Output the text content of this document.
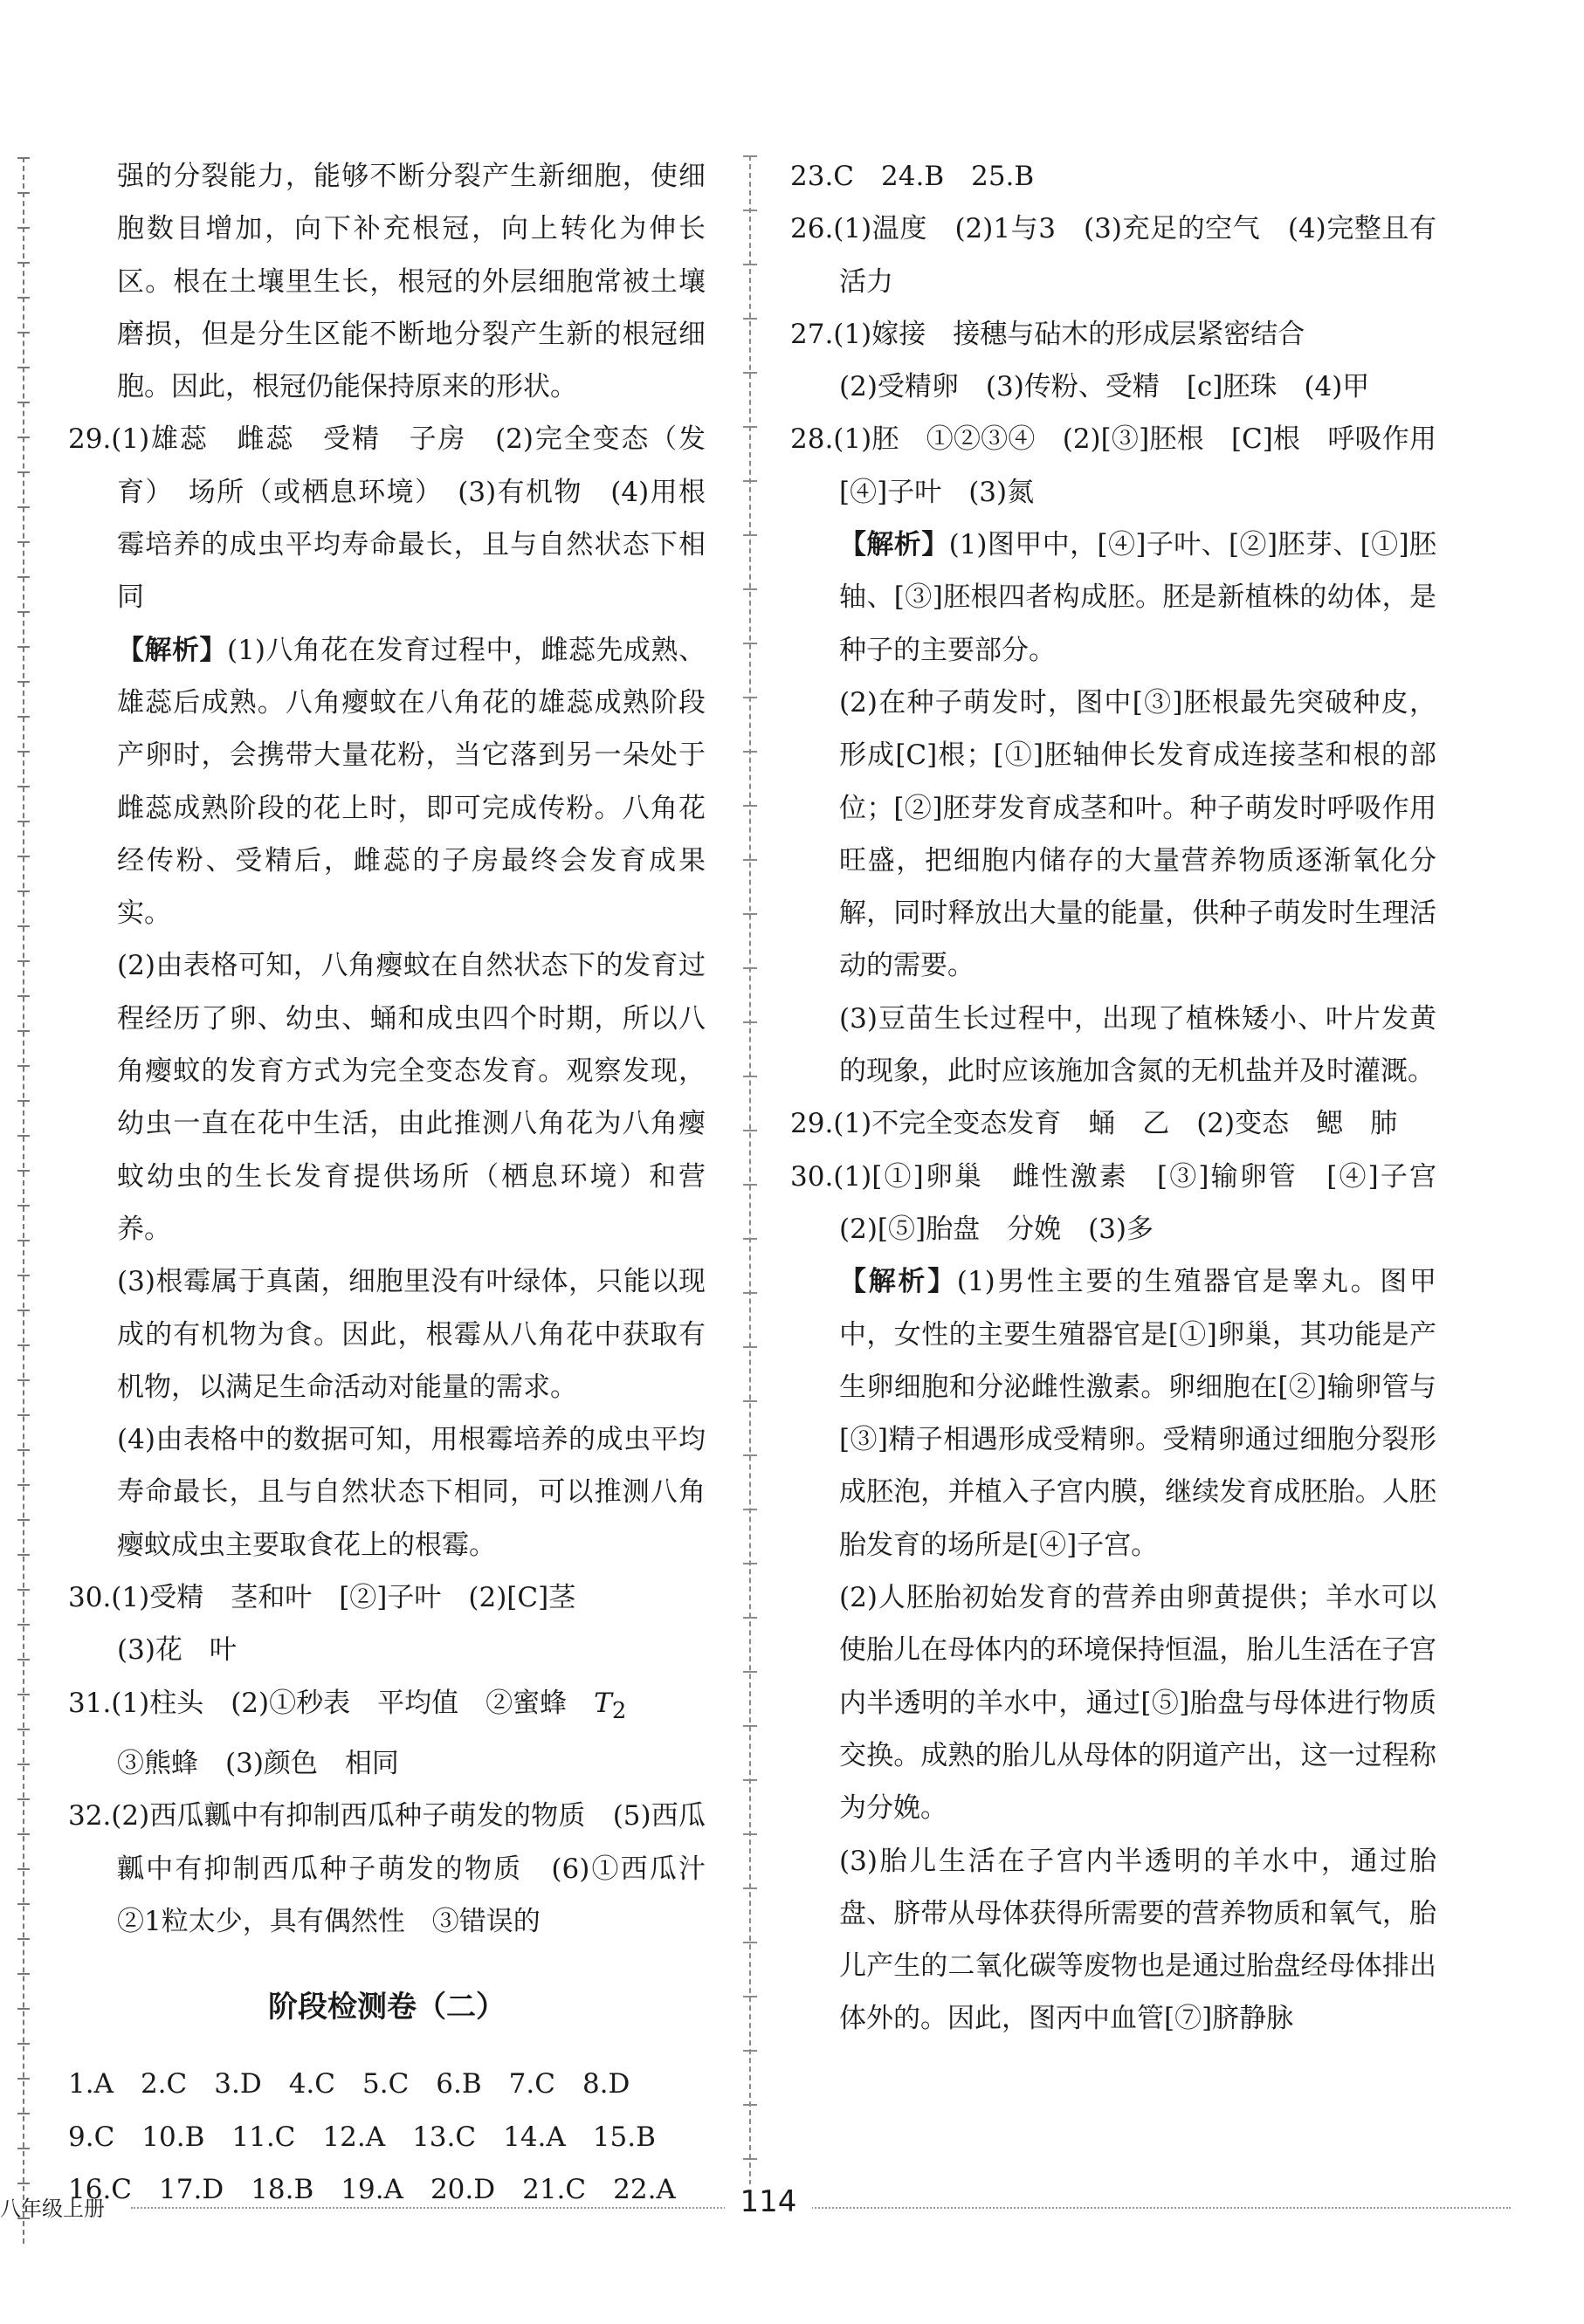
强的分裂能力，能够不断分裂产生新细胞，使细胞数目增加，向下补充根冠，向上转化为伸长区。根在土壤里生长，根冠的外层细胞常被土壤磨损，但是分生区能不断地分裂产生新的根冠细胞。因此，根冠仍能保持原来的形状。

29.(1)雄蕊　雌蕊　受精　子房　(2)完全变态（发育）　场所（或栖息环境）　(3)有机物　(4)用根霉培养的成虫平均寿命最长，且与自然状态下相同

【解析】(1)八角花在发育过程中，雌蕊先成熟、雄蕊后成熟。八角瘿蚊在八角花的雄蕊成熟阶段产卵时，会携带大量花粉，当它落到另一朵处于雌蕊成熟阶段的花上时，即可完成传粉。八角花经传粉、受精后，雌蕊的子房最终会发育成果实。

(2)由表格可知，八角瘿蚊在自然状态下的发育过程经历了卵、幼虫、蛹和成虫四个时期，所以八角瘿蚊的发育方式为完全变态发育。观察发现，幼虫一直在花中生活，由此推测八角花为八角瘿蚊幼虫的生长发育提供场所（栖息环境）和营养。

(3)根霉属于真菌，细胞里没有叶绿体，只能以现成的有机物为食。因此，根霉从八角花中获取有机物，以满足生命活动对能量的需求。

(4)由表格中的数据可知，用根霉培养的成虫平均寿命最长，且与自然状态下相同，可以推测八角瘿蚊成虫主要取食花上的根霉。

30.(1)受精　茎和叶　[②]子叶　(2)[C]茎

(3)花　叶

31.(1)柱头　(2)①秒表　平均值　②蜜蜂　$T_2$

③熊蜂　(3)颜色　相同

32.(2)西瓜瓤中有抑制西瓜种子萌发的物质　(5)西瓜瓤中有抑制西瓜种子萌发的物质　(6)①西瓜汁　②1粒太少，具有偶然性　③错误的

阶段检测卷（二）

1.A　2.C　3.D　4.C　5.C　6.B　7.C　8.D

9.C　10.B　11.C　12.A　13.C　14.A　15.B

16.C　17.D　18.B　19.A　20.D　21.C　22.A

23.C　24.B　25.B

26.(1)温度　(2)1与3　(3)充足的空气　(4)完整且有活力

27.(1)嫁接　接穗与砧木的形成层紧密结合

(2)受精卵　(3)传粉、受精　[c]胚珠　(4)甲

28.(1)胚　①②③④　(2)[③]胚根　[C]根　呼吸作用　[④]子叶　(3)氮

【解析】(1)图甲中，[④]子叶、[②]胚芽、[①]胚轴、[③]胚根四者构成胚。胚是新植株的幼体，是种子的主要部分。

(2)在种子萌发时，图中[③]胚根最先突破种皮，形成[C]根；[①]胚轴伸长发育成连接茎和根的部位；[②]胚芽发育成茎和叶。种子萌发时呼吸作用旺盛，把细胞内储存的大量营养物质逐渐氧化分解，同时释放出大量的能量，供种子萌发时生理活动的需要。

(3)豆苗生长过程中，出现了植株矮小、叶片发黄的现象，此时应该施加含氮的无机盐并及时灌溉。

29.(1)不完全变态发育　蛹　乙　(2)变态　鳃　肺

30.(1)[①]卵巢　雌性激素　[③]输卵管　[④]子宫　(2)[⑤]胎盘　分娩　(3)多

【解析】(1)男性主要的生殖器官是睾丸。图甲中，女性的主要生殖器官是[①]卵巢，其功能是产生卵细胞和分泌雌性激素。卵细胞在[②]输卵管与[③]精子相遇形成受精卵。受精卵通过细胞分裂形成胚泡，并植入子宫内膜，继续发育成胚胎。人胚胎发育的场所是[④]子宫。

(2)人胚胎初始发育的营养由卵黄提供；羊水可以使胎儿在母体内的环境保持恒温，胎儿生活在子宫内半透明的羊水中，通过[⑤]胎盘与母体进行物质交换。成熟的胎儿从母体的阴道产出，这一过程称为分娩。

(3)胎儿生活在子宫内半透明的羊水中，通过胎盘、脐带从母体获得所需要的营养物质和氧气，胎儿产生的二氧化碳等废物也是通过胎盘经母体排出体外的。因此，图丙中血管[⑦]脐静脉

八年级上册	114
